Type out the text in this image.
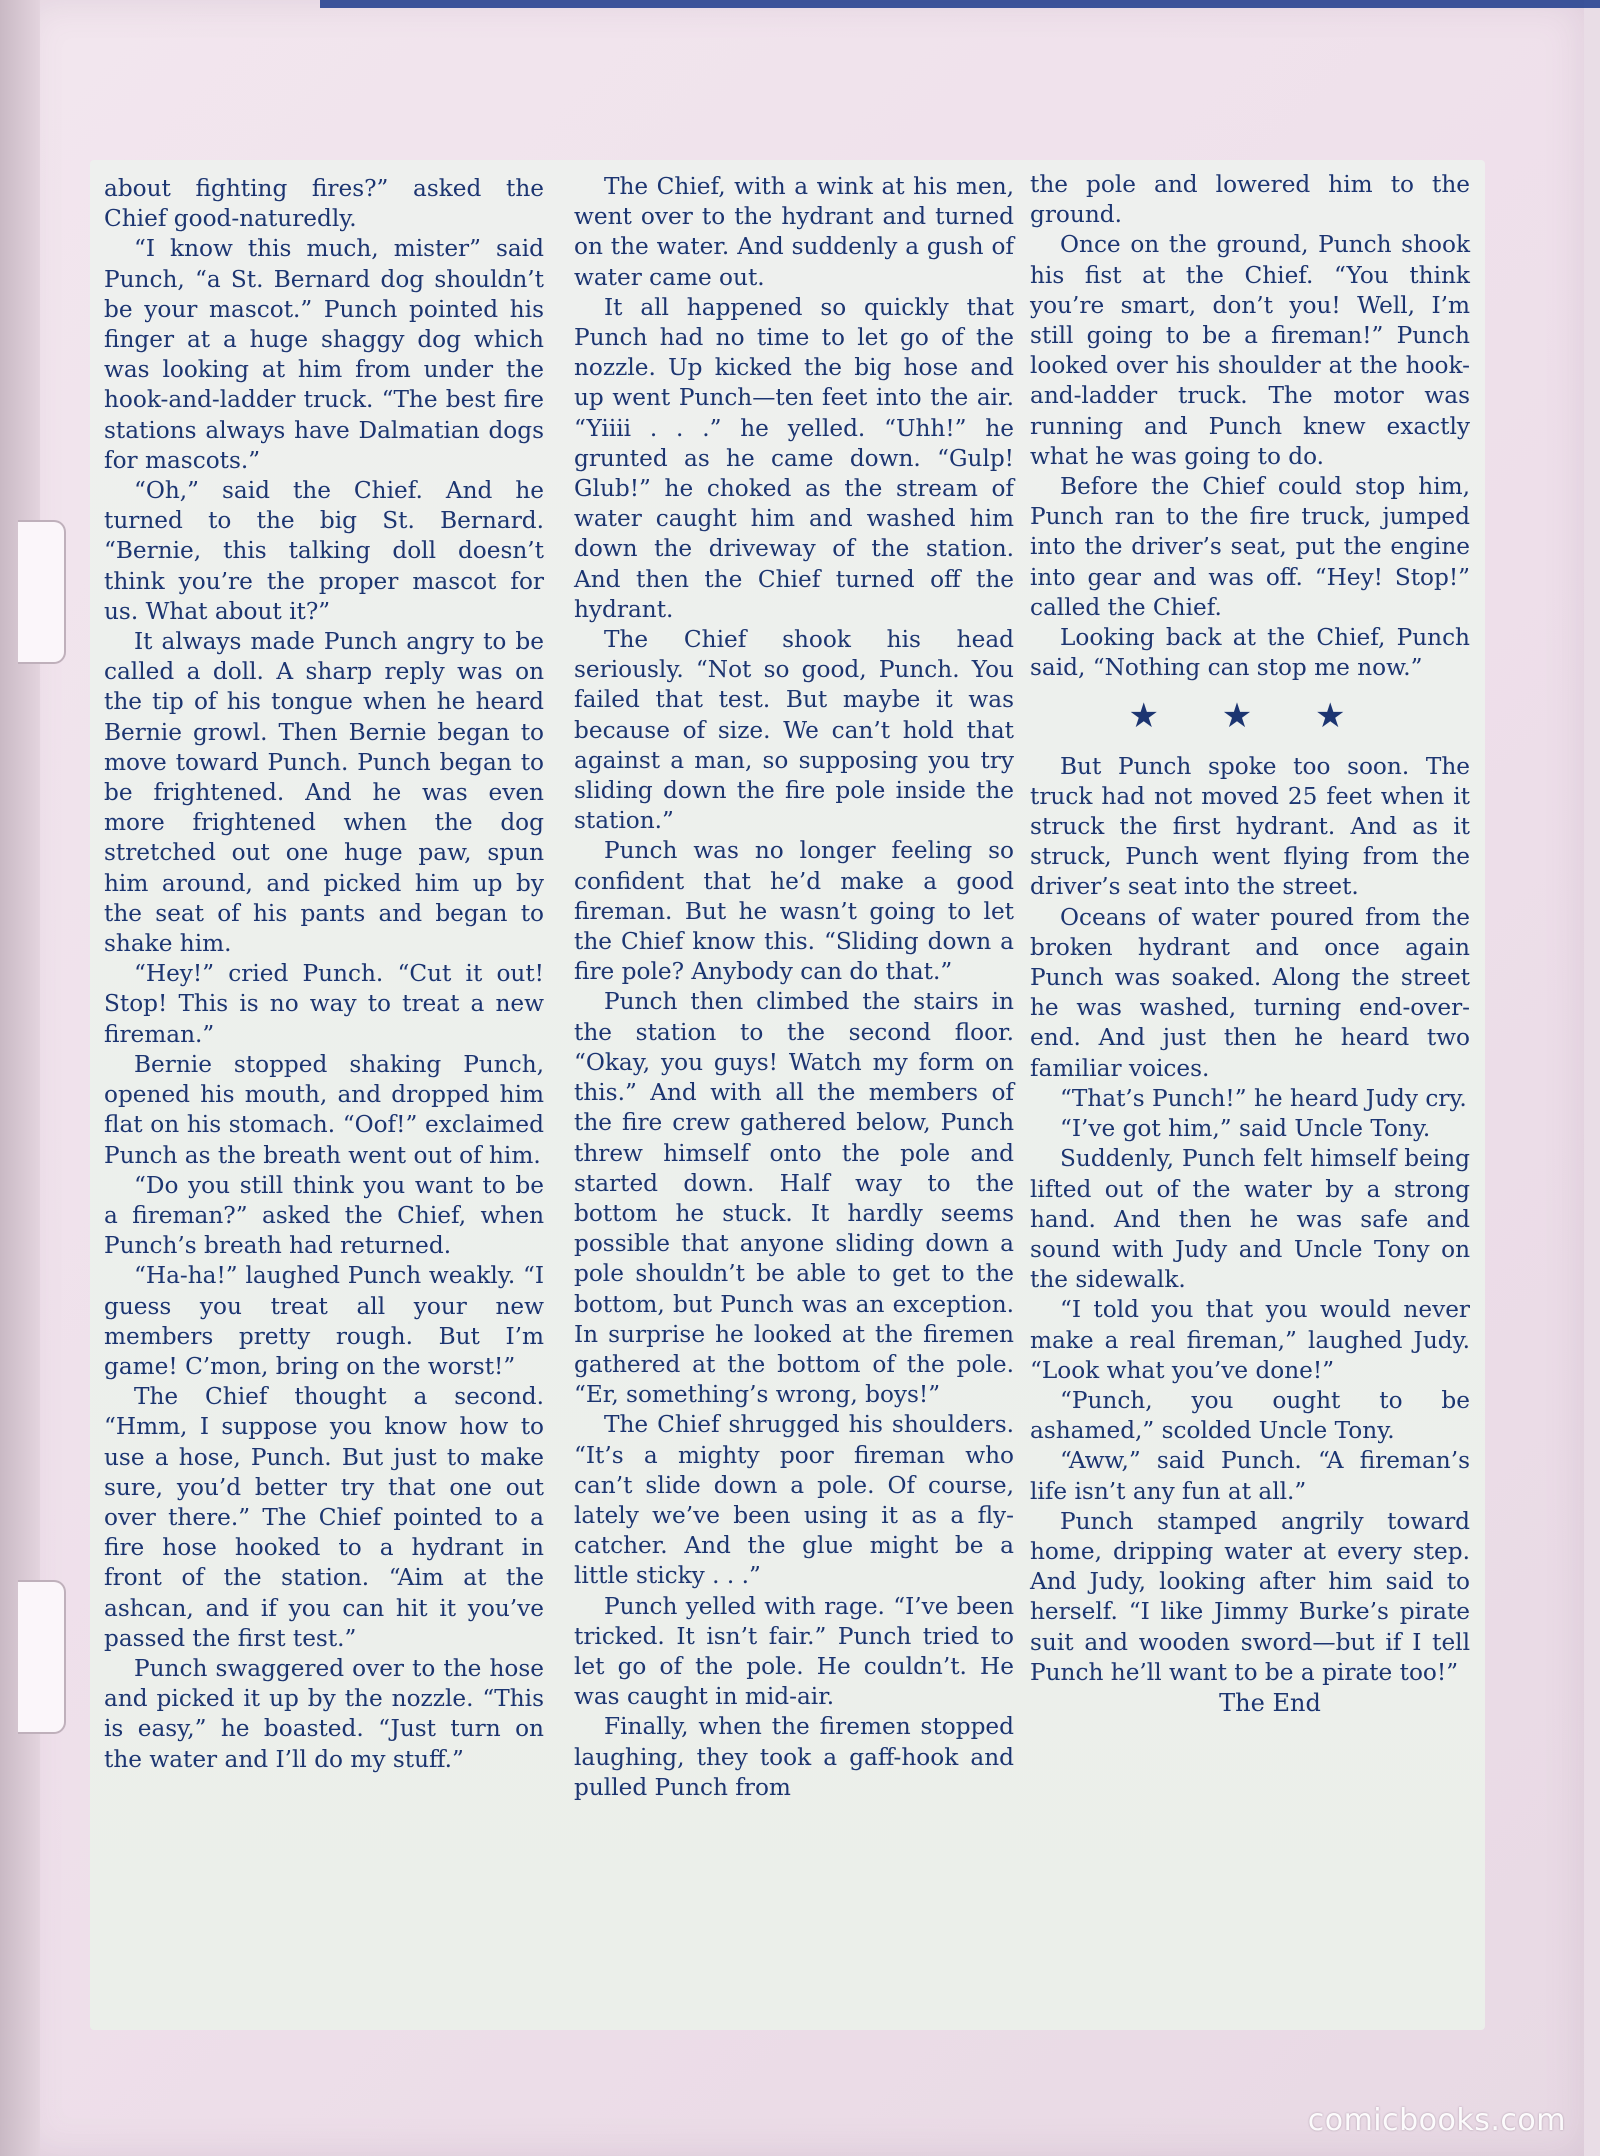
about fighting fires?” asked the Chief good-naturedly.

“I know this much, mister” said Punch, “a St. Bernard dog shouldn’t be your mascot.” Punch pointed his finger at a huge shaggy dog which was looking at him from under the hook-and-ladder truck. “The best fire stations always have Dalmatian dogs for mascots.”

“Oh,” said the Chief. And he turned to the big St. Bernard. “Bernie, this talking doll doesn’t think you’re the proper mascot for us. What about it?”

It always made Punch angry to be called a doll. A sharp reply was on the tip of his tongue when he heard Bernie growl. Then Bernie began to move toward Punch. Punch began to be frightened. And he was even more frightened when the dog stretched out one huge paw, spun him around, and picked him up by the seat of his pants and began to shake him.

“Hey!” cried Punch. “Cut it out! Stop! This is no way to treat a new fireman.”

Bernie stopped shaking Punch, opened his mouth, and dropped him flat on his stomach. “Oof!” exclaimed Punch as the breath went out of him.

“Do you still think you want to be a fireman?” asked the Chief, when Punch’s breath had returned.

“Ha-ha!” laughed Punch weakly. “I guess you treat all your new members pretty rough. But I’m game! C’mon, bring on the worst!”

The Chief thought a second. “Hmm, I suppose you know how to use a hose, Punch. But just to make sure, you’d better try that one out over there.” The Chief pointed to a fire hose hooked to a hydrant in front of the station. “Aim at the ashcan, and if you can hit it you’ve passed the first test.”

Punch swaggered over to the hose and picked it up by the nozzle. “This is easy,” he boasted. “Just turn on the water and I’ll do my stuff.”

The Chief, with a wink at his men, went over to the hydrant and turned on the water. And suddenly a gush of water came out.

It all happened so quickly that Punch had no time to let go of the nozzle. Up kicked the big hose and up went Punch—ten feet into the air. “Yiiii . . .” he yelled. “Uhh!” he grunted as he came down. “Gulp! Glub!” he choked as the stream of water caught him and washed him down the driveway of the station. And then the Chief turned off the hydrant.

The Chief shook his head seriously. “Not so good, Punch. You failed that test. But maybe it was because of size. We can’t hold that against a man, so supposing you try sliding down the fire pole inside the station.”

Punch was no longer feeling so confident that he’d make a good fireman. But he wasn’t going to let the Chief know this. “Sliding down a fire pole? Anybody can do that.”

Punch then climbed the stairs in the station to the second floor. “Okay, you guys! Watch my form on this.” And with all the members of the fire crew gathered below, Punch threw himself onto the pole and started down. Half way to the bottom he stuck. It hardly seems possible that anyone sliding down a pole shouldn’t be able to get to the bottom, but Punch was an exception. In surprise he looked at the firemen gathered at the bottom of the pole. “Er, something’s wrong, boys!”

The Chief shrugged his shoulders. “It’s a mighty poor fireman who can’t slide down a pole. Of course, lately we’ve been using it as a fly-catcher. And the glue might be a little sticky . . .”

Punch yelled with rage. “I’ve been tricked. It isn’t fair.” Punch tried to let go of the pole. He couldn’t. He was caught in mid-air.

Finally, when the firemen stopped laughing, they took a gaff-hook and pulled Punch from

the pole and lowered him to the ground.

Once on the ground, Punch shook his fist at the Chief. “You think you’re smart, don’t you! Well, I’m still going to be a fireman!” Punch looked over his shoulder at the hook-and-ladder truck. The motor was running and Punch knew exactly what he was going to do.

Before the Chief could stop him, Punch ran to the fire truck, jumped into the driver’s seat, put the engine into gear and was off. “Hey! Stop!” called the Chief.

Looking back at the Chief, Punch said, “Nothing can stop me now.”

★ ★ ★

But Punch spoke too soon. The truck had not moved 25 feet when it struck the first hydrant. And as it struck, Punch went flying from the driver’s seat into the street.

Oceans of water poured from the broken hydrant and once again Punch was soaked. Along the street he was washed, turning end-over-end. And just then he heard two familiar voices.

“That’s Punch!” he heard Judy cry.

“I’ve got him,” said Uncle Tony.

Suddenly, Punch felt himself being lifted out of the water by a strong hand. And then he was safe and sound with Judy and Uncle Tony on the sidewalk.

“I told you that you would never make a real fireman,” laughed Judy. “Look what you’ve done!”

“Punch, you ought to be ashamed,” scolded Uncle Tony.

“Aww,” said Punch. “A fireman’s life isn’t any fun at all.”

Punch stamped angrily toward home, dripping water at every step. And Judy, looking after him said to herself. “I like Jimmy Burke’s pirate suit and wooden sword—but if I tell Punch he’ll want to be a pirate too!”

The End

comicbooks.com
